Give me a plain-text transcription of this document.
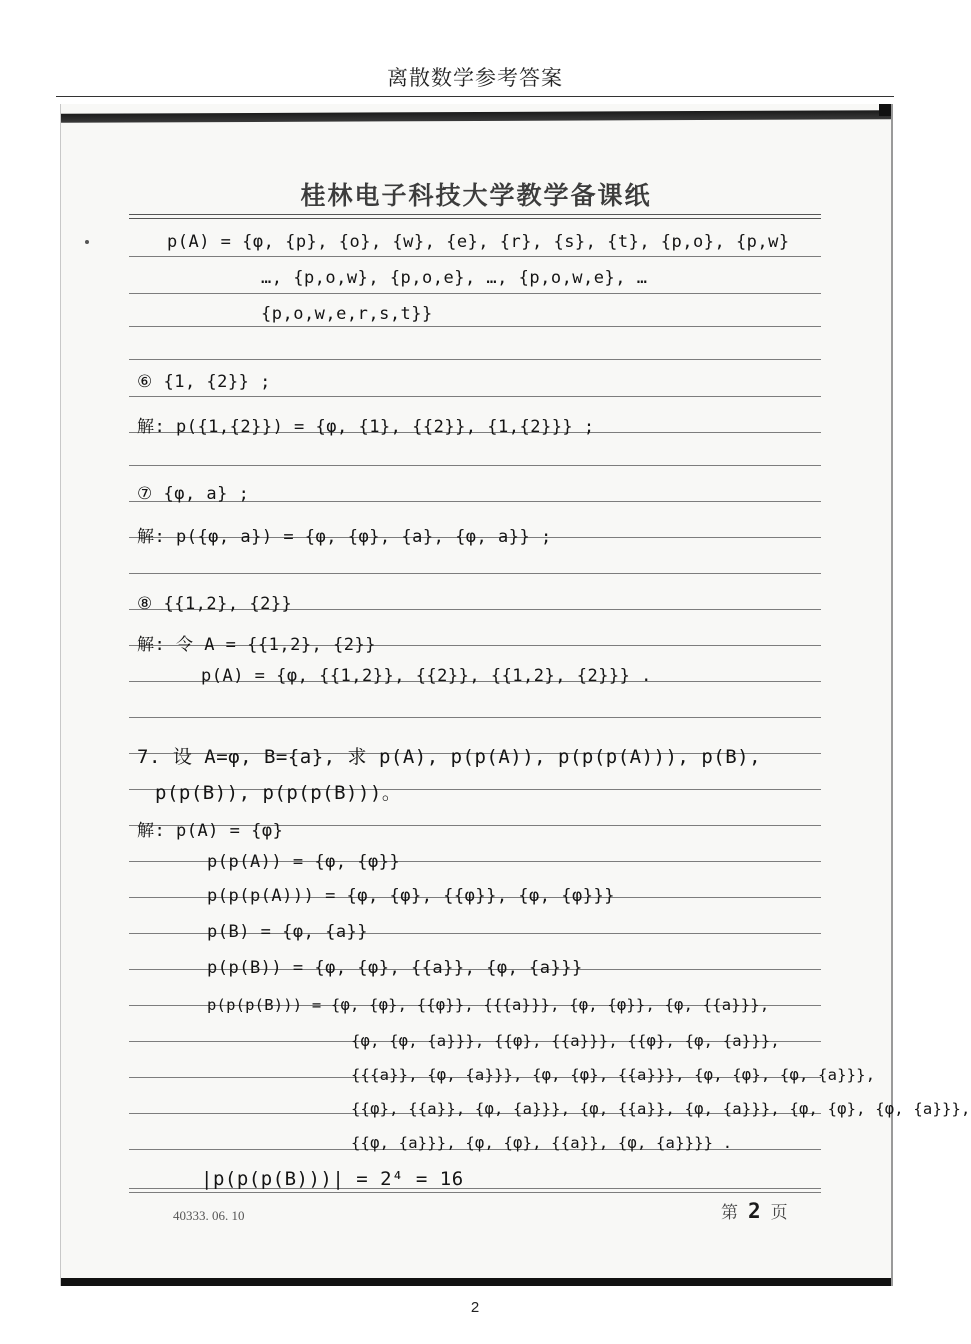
离散数学参考答案
桂林电子科技大学教学备课纸
p(A) = {φ, {p}, {o}, {w}, {e}, {r}, {s}, {t}, {p,o}, {p,w}
…, {p,o,w}, {p,o,e}, …, {p,o,w,e}, …
{p,o,w,e,r,s,t}}
⑥ {1, {2}} ;
解: p({1,{2}}) = {φ, {1}, {{2}}, {1,{2}}} ;
⑦ {φ, a} ;
解: p({φ, a}) = {φ, {φ}, {a}, {φ, a}} ;
⑧ {{1,2}, {2}}
解: 令 A = {{1,2}, {2}}
p(A) = {φ, {{1,2}}, {{2}}, {{1,2}, {2}}} .
7. 设 A=φ, B={a}, 求 p(A), p(p(A)), p(p(p(A))), p(B),
p(p(B)), p(p(p(B)))。
解: p(A) = {φ}
p(p(A)) = {φ, {φ}}
p(p(p(A))) = {φ, {φ}, {{φ}}, {φ, {φ}}}
p(B) = {φ, {a}}
p(p(B)) = {φ, {φ}, {{a}}, {φ, {a}}}
p(p(p(B))) = {φ, {φ}, {{φ}}, {{{a}}}, {φ, {φ}}, {φ, {{a}}},
{φ, {φ, {a}}}, {{φ}, {{a}}}, {{φ}, {φ, {a}}},
{{{a}}, {φ, {a}}}, {φ, {φ}, {{a}}}, {φ, {φ}, {φ, {a}}},
{{φ}, {{a}}, {φ, {a}}}, {φ, {{a}}, {φ, {a}}}, {φ, {φ}, {φ, {a}}},
{{φ, {a}}}, {φ, {φ}, {{a}}, {φ, {a}}}} .
|p(p(p(B)))| = 2⁴ = 16
40333. 06. 10	第 2 页
2
